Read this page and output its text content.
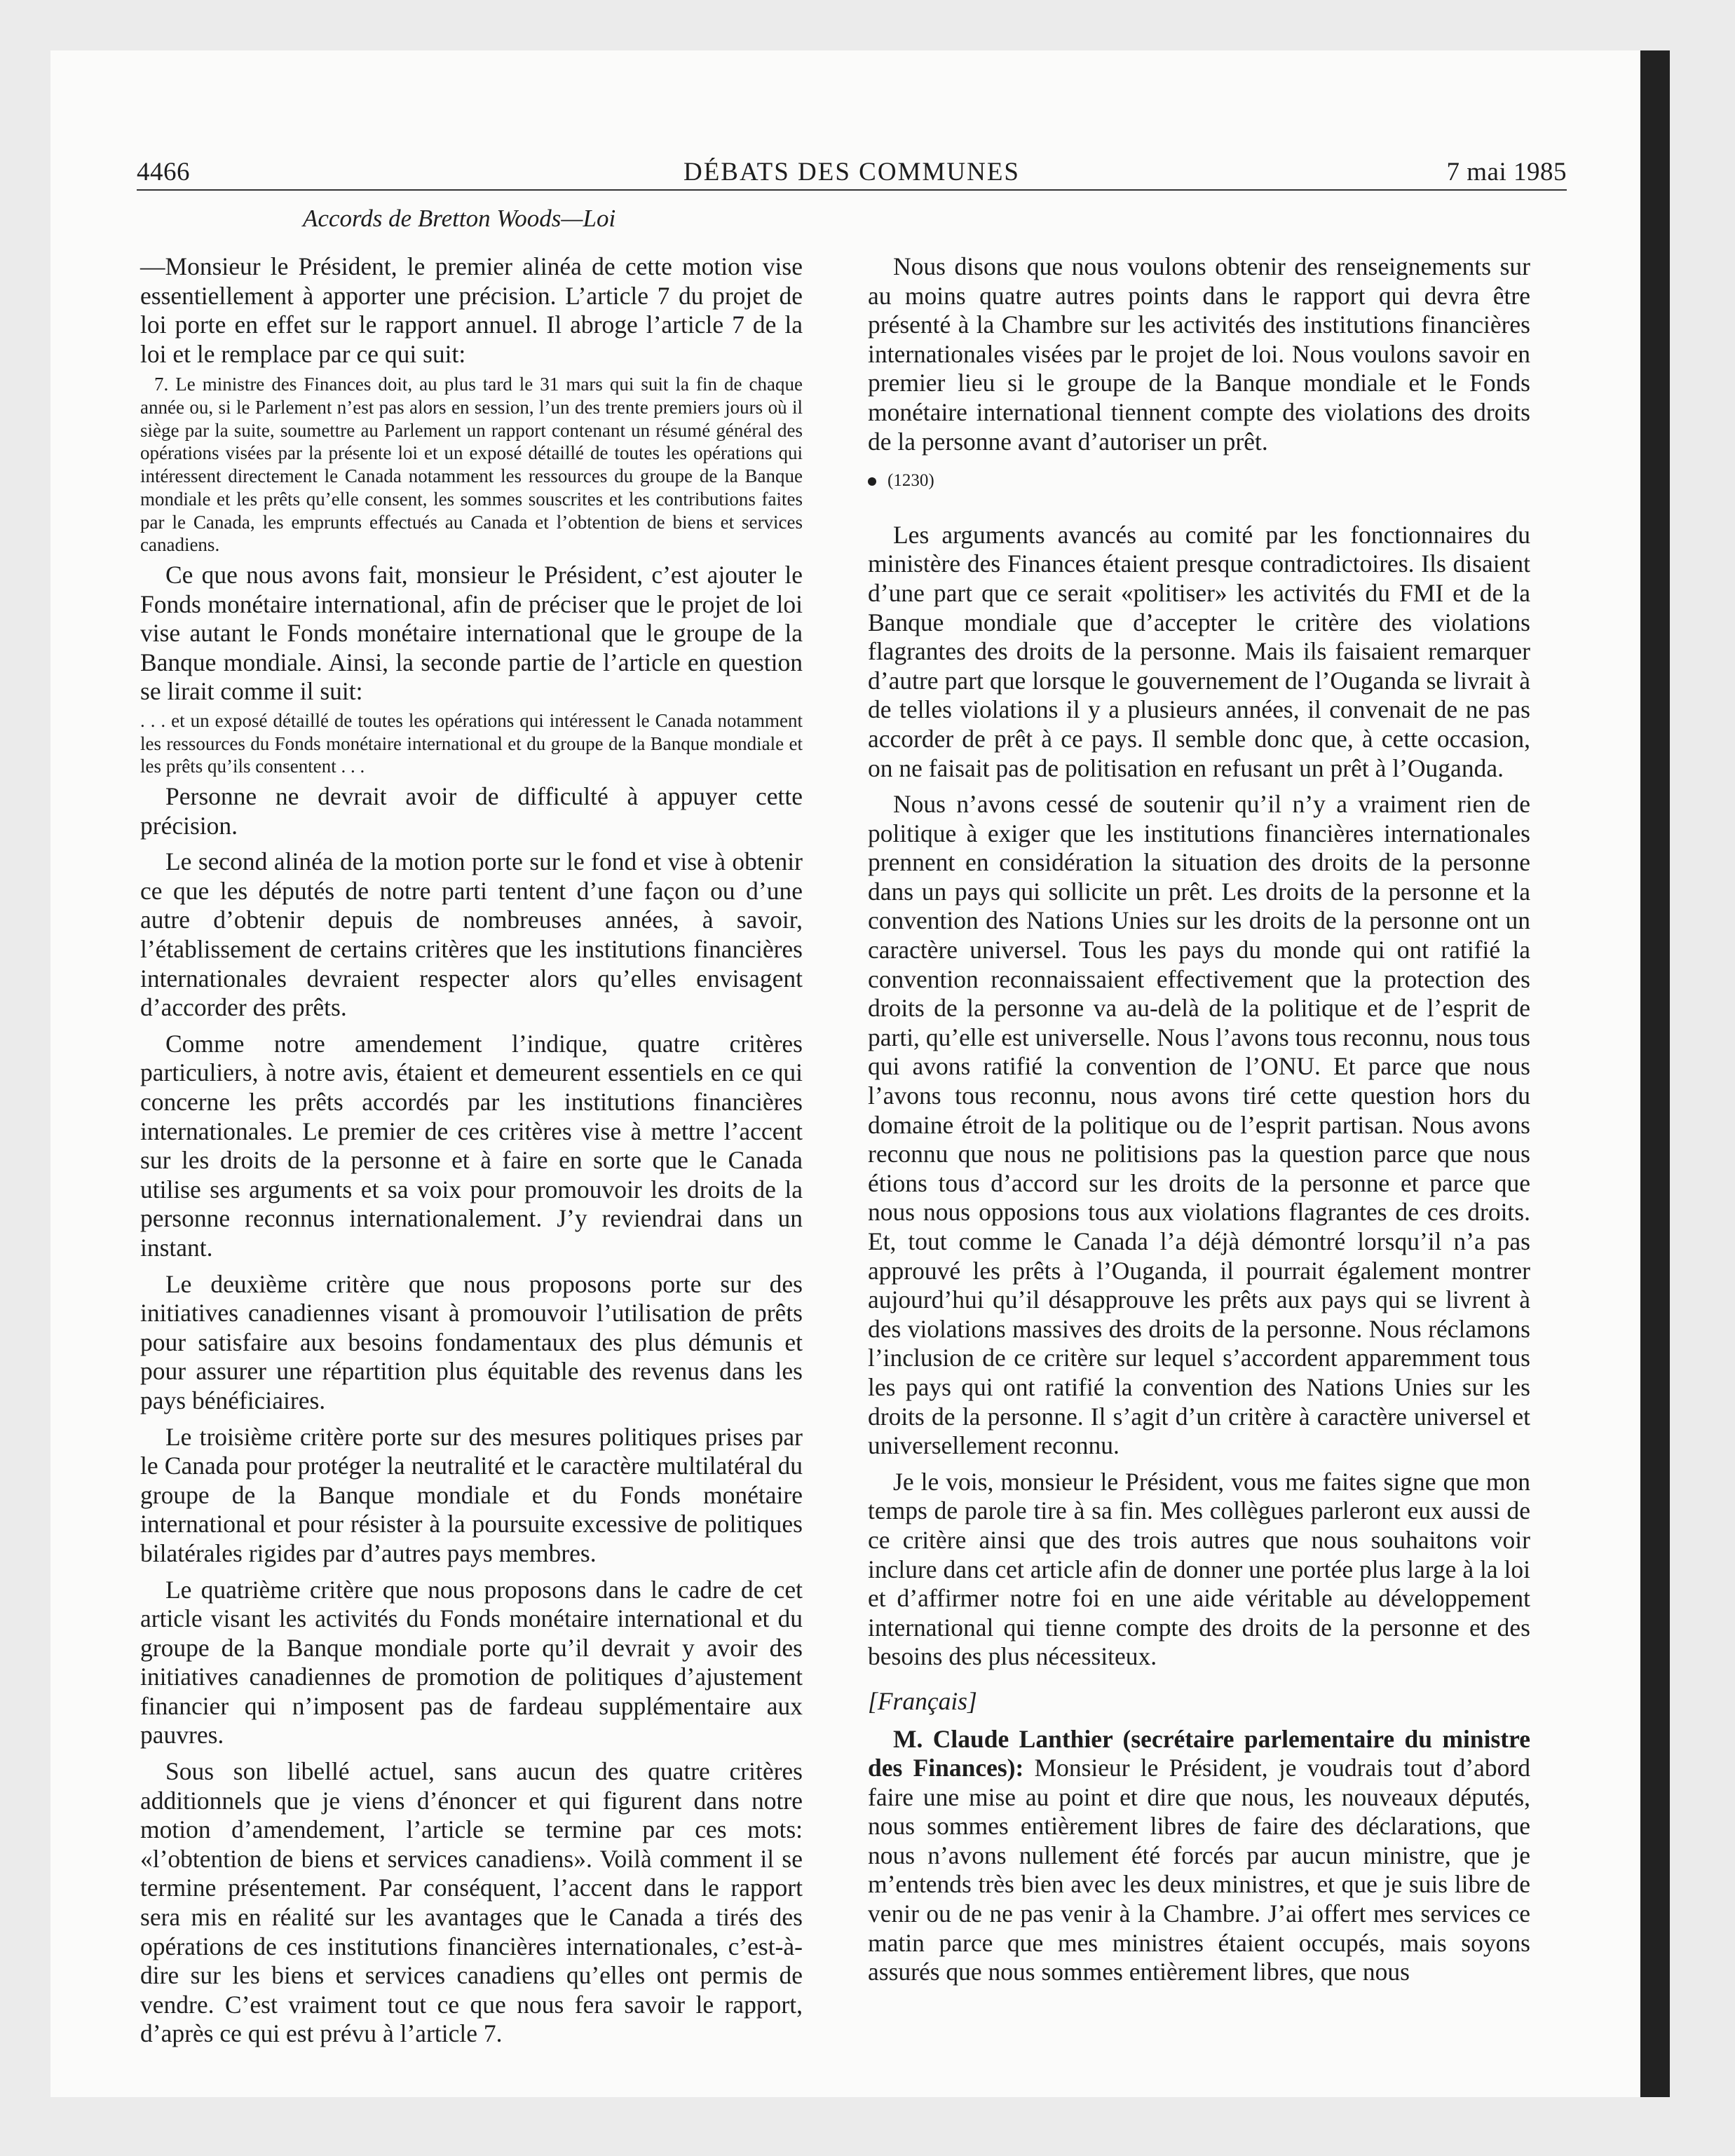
4466	DÉBATS DES COMMUNES	7 mai 1985
Accords de Bretton Woods—Loi

—Monsieur le Président, le premier alinéa de cette motion vise essentiellement à apporter une précision. L’article 7 du projet de loi porte en effet sur le rapport annuel. Il abroge l’article 7 de la loi et le remplace par ce qui suit:

7. Le ministre des Finances doit, au plus tard le 31 mars qui suit la fin de chaque année ou, si le Parlement n’est pas alors en session, l’un des trente premiers jours où il siège par la suite, soumettre au Parlement un rapport contenant un résumé général des opérations visées par la présente loi et un exposé détaillé de toutes les opérations qui intéressent directement le Canada notamment les ressources du groupe de la Banque mondiale et les prêts qu’elle consent, les sommes souscrites et les contributions faites par le Canada, les emprunts effectués au Canada et l’obtention de biens et services canadiens.

Ce que nous avons fait, monsieur le Président, c’est ajouter le Fonds monétaire international, afin de préciser que le projet de loi vise autant le Fonds monétaire international que le groupe de la Banque mondiale. Ainsi, la seconde partie de l’article en question se lirait comme il suit:

. . . et un exposé détaillé de toutes les opérations qui intéressent le Canada notamment les ressources du Fonds monétaire international et du groupe de la Banque mondiale et les prêts qu’ils consentent . . .

Personne ne devrait avoir de difficulté à appuyer cette précision.

Le second alinéa de la motion porte sur le fond et vise à obtenir ce que les députés de notre parti tentent d’une façon ou d’une autre d’obtenir depuis de nombreuses années, à savoir, l’établissement de certains critères que les institutions financières internationales devraient respecter alors qu’elles envisagent d’accorder des prêts.

Comme notre amendement l’indique, quatre critères particuliers, à notre avis, étaient et demeurent essentiels en ce qui concerne les prêts accordés par les institutions financières internationales. Le premier de ces critères vise à mettre l’accent sur les droits de la personne et à faire en sorte que le Canada utilise ses arguments et sa voix pour promouvoir les droits de la personne reconnus internationalement. J’y reviendrai dans un instant.

Le deuxième critère que nous proposons porte sur des initiatives canadiennes visant à promouvoir l’utilisation de prêts pour satisfaire aux besoins fondamentaux des plus démunis et pour assurer une répartition plus équitable des revenus dans les pays bénéficiaires.

Le troisième critère porte sur des mesures politiques prises par le Canada pour protéger la neutralité et le caractère multilatéral du groupe de la Banque mondiale et du Fonds monétaire international et pour résister à la poursuite excessive de politiques bilatérales rigides par d’autres pays membres.

Le quatrième critère que nous proposons dans le cadre de cet article visant les activités du Fonds monétaire international et du groupe de la Banque mondiale porte qu’il devrait y avoir des initiatives canadiennes de promotion de politiques d’ajustement financier qui n’imposent pas de fardeau supplémentaire aux pauvres.

Sous son libellé actuel, sans aucun des quatre critères additionnels que je viens d’énoncer et qui figurent dans notre motion d’amendement, l’article se termine par ces mots: «l’obtention de biens et services canadiens». Voilà comment il se termine présentement. Par conséquent, l’accent dans le rapport sera mis en réalité sur les avantages que le Canada a tirés des opérations de ces institutions financières internationales, c’est-à-dire sur les biens et services canadiens qu’elles ont permis de vendre. C’est vraiment tout ce que nous fera savoir le rapport, d’après ce qui est prévu à l’article 7.

Nous disons que nous voulons obtenir des renseignements sur au moins quatre autres points dans le rapport qui devra être présenté à la Chambre sur les activités des institutions financières internationales visées par le projet de loi. Nous voulons savoir en premier lieu si le groupe de la Banque mondiale et le Fonds monétaire international tiennent compte des violations des droits de la personne avant d’autoriser un prêt.

(1230)

Les arguments avancés au comité par les fonctionnaires du ministère des Finances étaient presque contradictoires. Ils disaient d’une part que ce serait «politiser» les activités du FMI et de la Banque mondiale que d’accepter le critère des violations flagrantes des droits de la personne. Mais ils faisaient remarquer d’autre part que lorsque le gouvernement de l’Ouganda se livrait à de telles violations il y a plusieurs années, il convenait de ne pas accorder de prêt à ce pays. Il semble donc que, à cette occasion, on ne faisait pas de politisation en refusant un prêt à l’Ouganda.

Nous n’avons cessé de soutenir qu’il n’y a vraiment rien de politique à exiger que les institutions financières internationales prennent en considération la situation des droits de la personne dans un pays qui sollicite un prêt. Les droits de la personne et la convention des Nations Unies sur les droits de la personne ont un caractère universel. Tous les pays du monde qui ont ratifié la convention reconnaissaient effectivement que la protection des droits de la personne va au-delà de la politique et de l’esprit de parti, qu’elle est universelle. Nous l’avons tous reconnu, nous tous qui avons ratifié la convention de l’ONU. Et parce que nous l’avons tous reconnu, nous avons tiré cette question hors du domaine étroit de la politique ou de l’esprit partisan. Nous avons reconnu que nous ne politisions pas la question parce que nous étions tous d’accord sur les droits de la personne et parce que nous nous opposions tous aux violations flagrantes de ces droits. Et, tout comme le Canada l’a déjà démontré lorsqu’il n’a pas approuvé les prêts à l’Ouganda, il pourrait également montrer aujourd’hui qu’il désapprouve les prêts aux pays qui se livrent à des violations massives des droits de la personne. Nous réclamons l’inclusion de ce critère sur lequel s’accordent apparemment tous les pays qui ont ratifié la convention des Nations Unies sur les droits de la personne. Il s’agit d’un critère à caractère universel et universellement reconnu.

Je le vois, monsieur le Président, vous me faites signe que mon temps de parole tire à sa fin. Mes collègues parleront eux aussi de ce critère ainsi que des trois autres que nous souhaitons voir inclure dans cet article afin de donner une portée plus large à la loi et d’affirmer notre foi en une aide véritable au développement international qui tienne compte des droits de la personne et des besoins des plus nécessiteux.

[Français]

M. Claude Lanthier (secrétaire parlementaire du ministre des Finances): Monsieur le Président, je voudrais tout d’abord faire une mise au point et dire que nous, les nouveaux députés, nous sommes entièrement libres de faire des déclarations, que nous n’avons nullement été forcés par aucun ministre, que je m’entends très bien avec les deux ministres, et que je suis libre de venir ou de ne pas venir à la Chambre. J’ai offert mes services ce matin parce que mes ministres étaient occupés, mais soyons assurés que nous sommes entièrement libres, que nous
